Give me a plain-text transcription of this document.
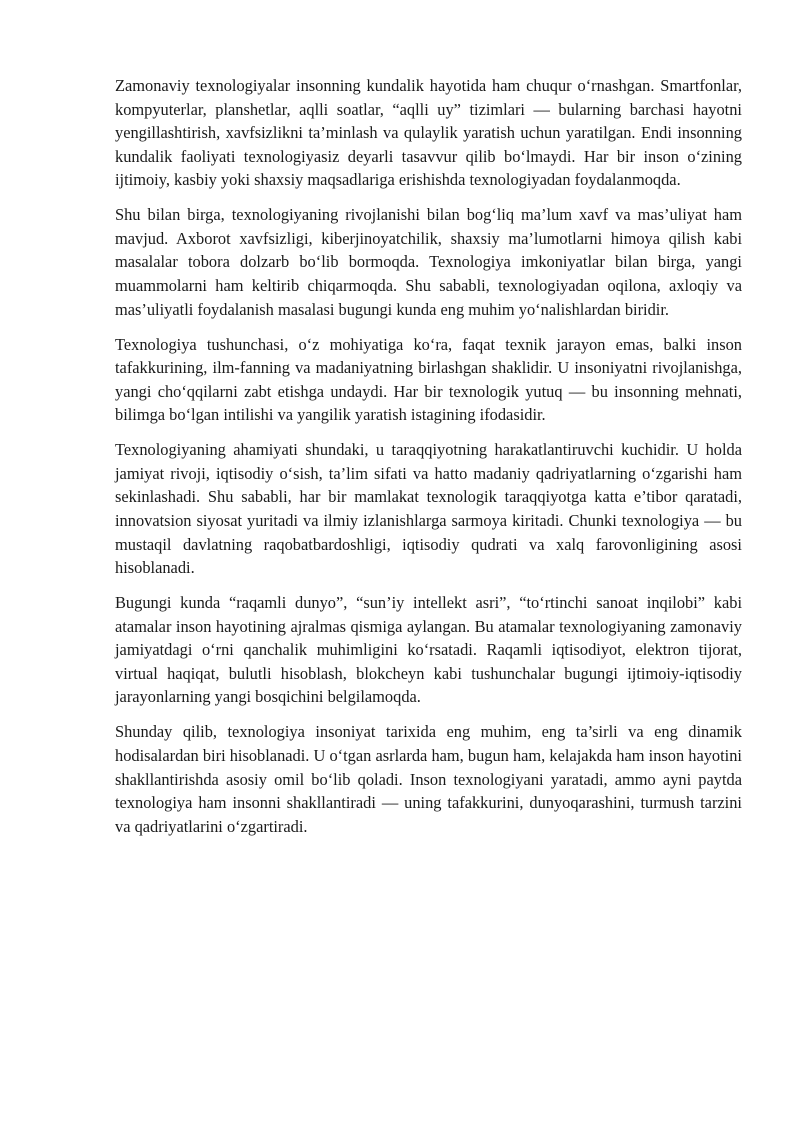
Zamonaviy texnologiyalar insonning kundalik hayotida ham chuqur o‘rnashgan. Smartfonlar, kompyuterlar, planshetlar, aqlli soatlar, “aqlli uy” tizimlari — bularning barchasi hayotni yengillashtirish, xavfsizlikni ta’minlash va qulaylik yaratish uchun yaratilgan. Endi insonning kundalik faoliyati texnologiyasiz deyarli tasavvur qilib bo‘lmaydi. Har bir inson o‘zining ijtimoiy, kasbiy yoki shaxsiy maqsadlariga erishishda texnologiyadan foydalanmoqda.

Shu bilan birga, texnologiyaning rivojlanishi bilan bog‘liq ma’lum xavf va mas’uliyat ham mavjud. Axborot xavfsizligi, kiberjinoyatchilik, shaxsiy ma’lumotlarni himoya qilish kabi masalalar tobora dolzarb bo‘lib bormoqda. Texnologiya imkoniyatlar bilan birga, yangi muammolarni ham keltirib chiqarmoqda. Shu sababli, texnologiyadan oqilona, axloqiy va mas’uliyatli foydalanish masalasi bugungi kunda eng muhim yo‘nalishlardan biridir.

Texnologiya tushunchasi, o‘z mohiyatiga ko‘ra, faqat texnik jarayon emas, balki inson tafakkurining, ilm-fanning va madaniyatning birlashgan shaklidir. U insoniyatni rivojlanishga, yangi cho‘qqilarni zabt etishga undaydi. Har bir texnologik yutuq — bu insonning mehnati, bilimga bo‘lgan intilishi va yangilik yaratish istagining ifodasidir.

Texnologiyaning ahamiyati shundaki, u taraqqiyotning harakatlantiruvchi kuchidir. U holda jamiyat rivoji, iqtisodiy o‘sish, ta’lim sifati va hatto madaniy qadriyatlarning o‘zgarishi ham sekinlashadi. Shu sababli, har bir mamlakat texnologik taraqqiyotga katta e’tibor qaratadi, innovatsion siyosat yuritadi va ilmiy izlanishlarga sarmoya kiritadi. Chunki texnologiya — bu mustaqil davlatning raqobatbardoshligi, iqtisodiy qudrati va xalq farovonligining asosi hisoblanadi.

Bugungi kunda “raqamli dunyo”, “sun’iy intellekt asri”, “to‘rtinchi sanoat inqilobi” kabi atamalar inson hayotining ajralmas qismiga aylangan. Bu atamalar texnologiyaning zamonaviy jamiyatdagi o‘rni qanchalik muhimligini ko‘rsatadi. Raqamli iqtisodiyot, elektron tijorat, virtual haqiqat, bulutli hisoblash, blokcheyn kabi tushunchalar bugungi ijtimoiy-iqtisodiy jarayonlarning yangi bosqichini belgilamoqda.

Shunday qilib, texnologiya insoniyat tarixida eng muhim, eng ta’sirli va eng dinamik hodisalardan biri hisoblanadi. U o‘tgan asrlarda ham, bugun ham, kelajakda ham inson hayotini shakllantirishda asosiy omil bo‘lib qoladi. Inson texnologiyani yaratadi, ammo ayni paytda texnologiya ham insonni shakllantiradi — uning tafakkurini, dunyoqarashini, turmush tarzini va qadriyatlarini o‘zgartiradi.
